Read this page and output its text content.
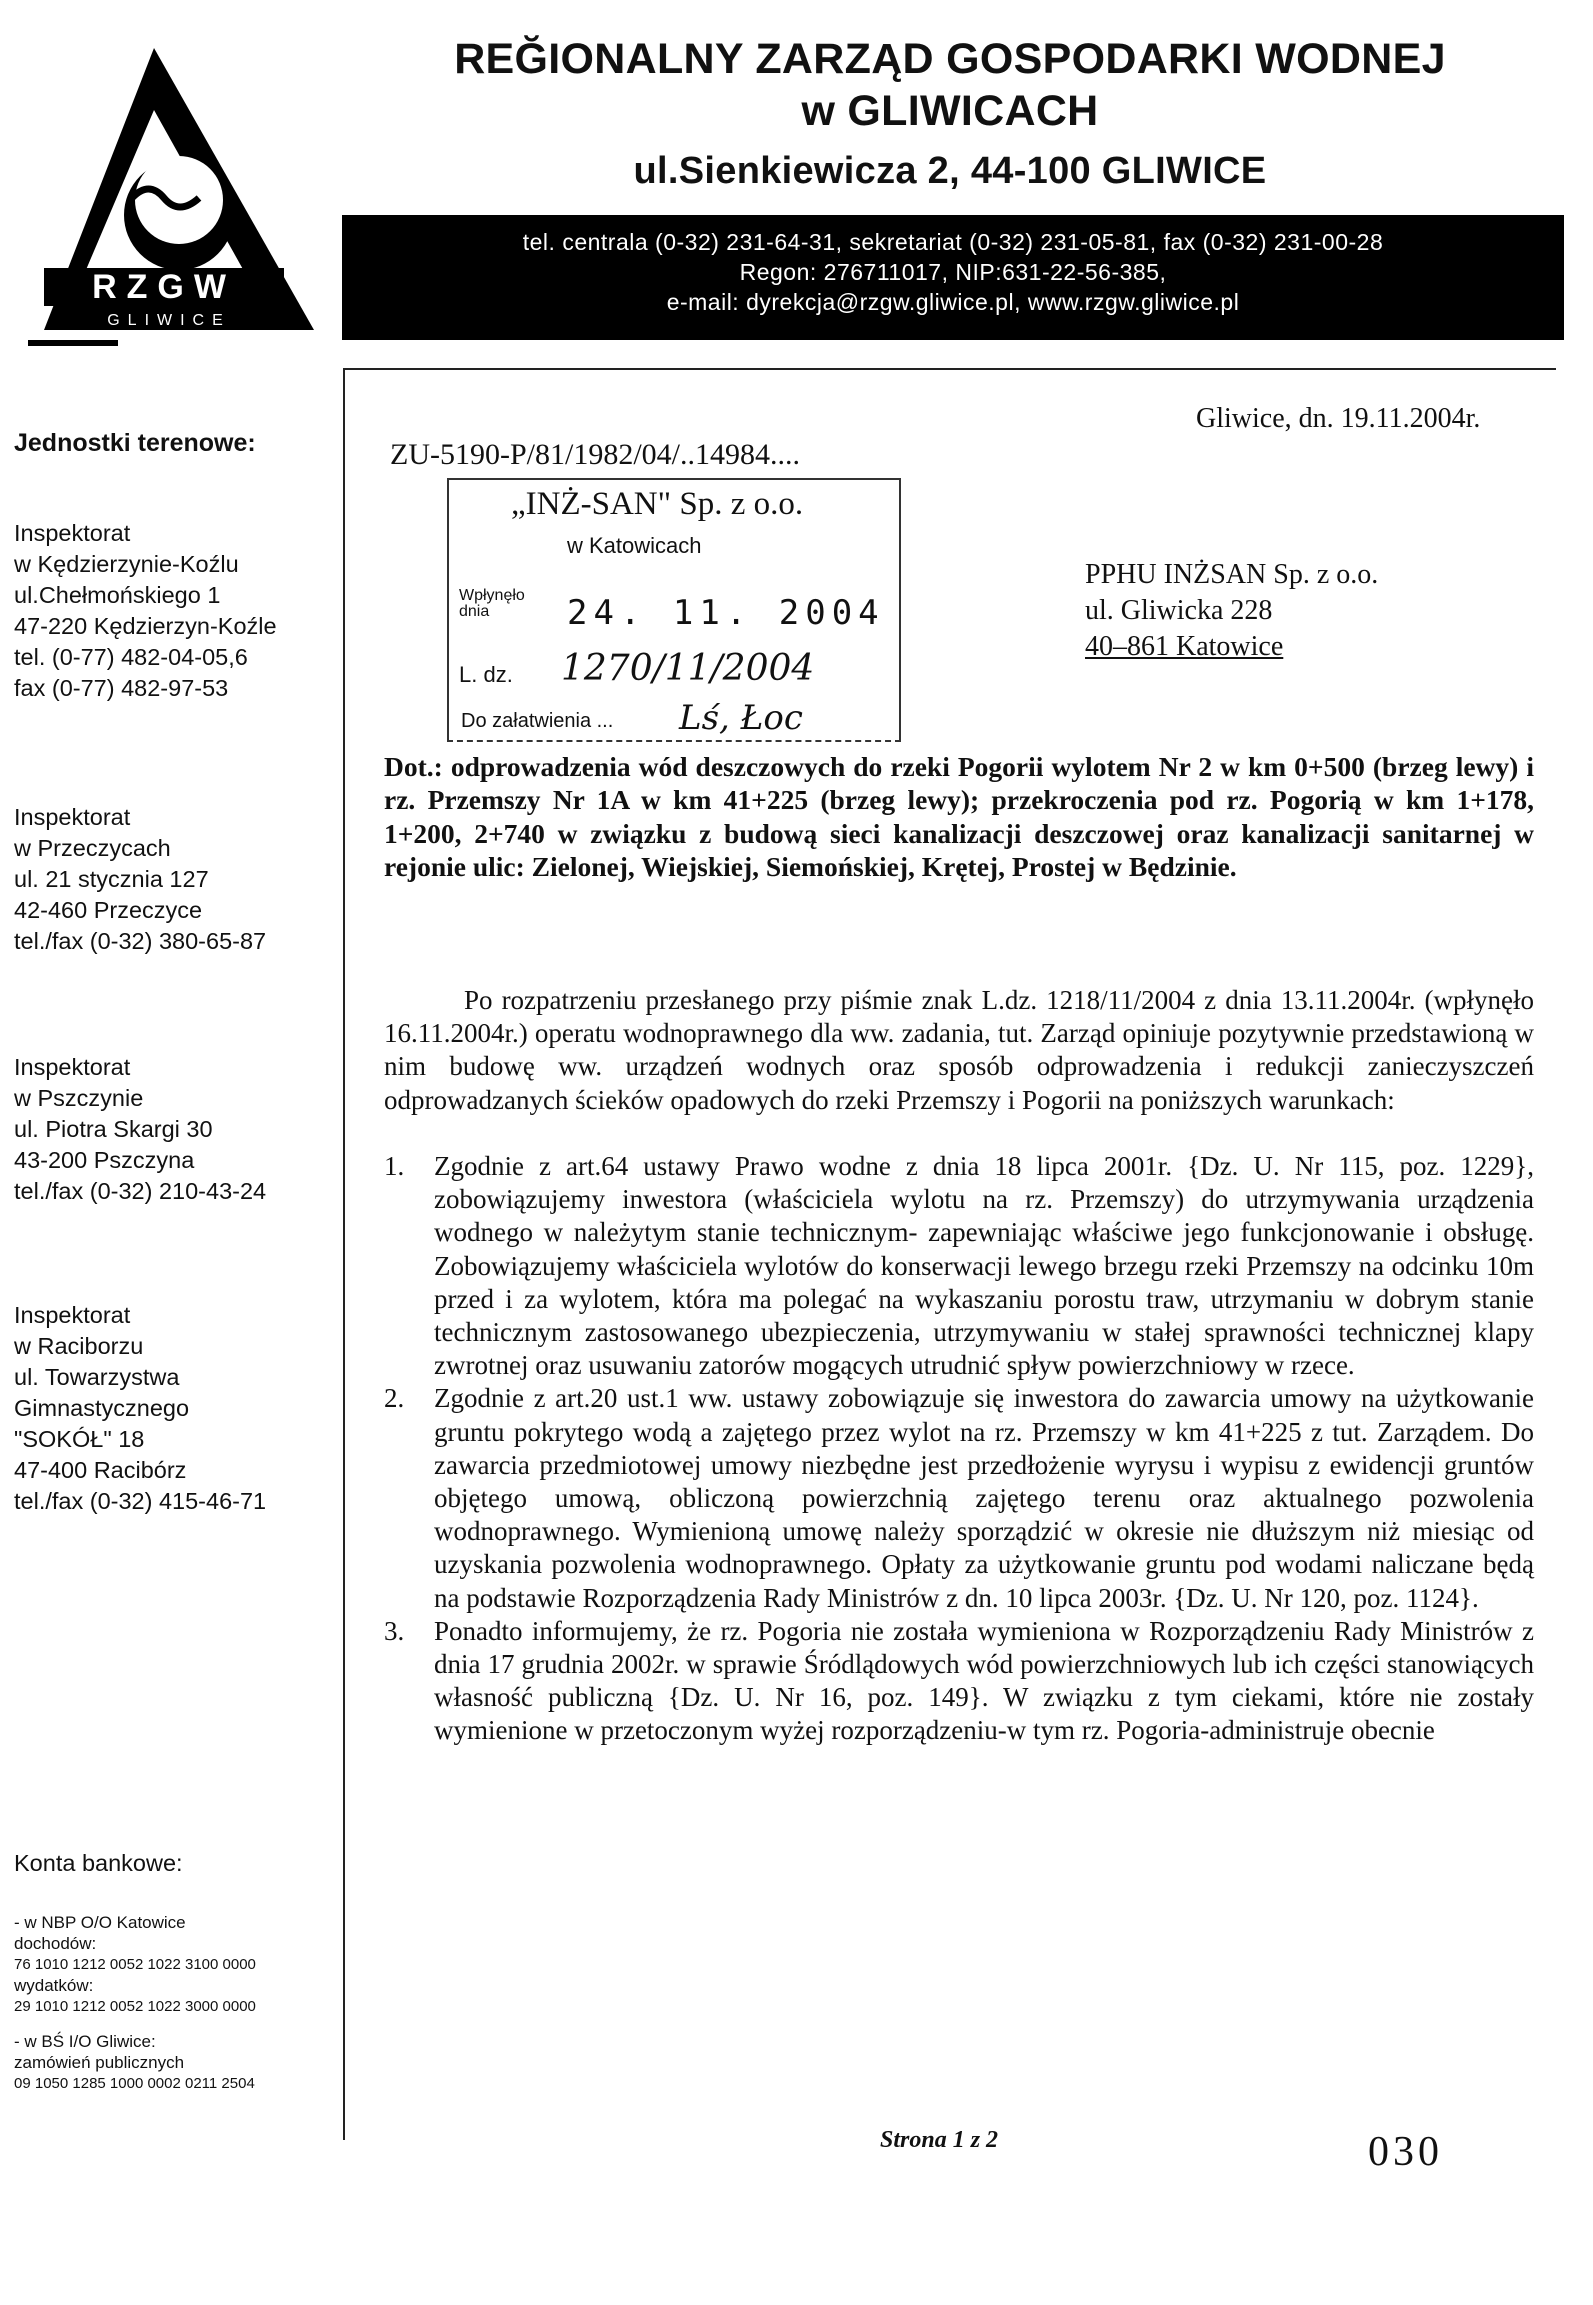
RZGW
GLIWICE
REĞIONALNY ZARZĄD GOSPODARKI WODNEJ
w GLIWICACH
ul.Sienkiewicza 2, 44-100 GLIWICE
tel. centrala (0-32) 231-64-31, sekretariat (0-32) 231-05-81, fax (0-32) 231-00-28
Regon: 276711017, NIP:631-22-56-385,
e-mail: dyrekcja@rzgw.gliwice.pl, www.rzgw.gliwice.pl
Jednostki terenowe:
Inspektorat
w Kędzierzynie-Koźlu
ul.Chełmońskiego 1
47-220 Kędzierzyn-Koźle
tel. (0-77) 482-04-05,6
fax (0-77) 482-97-53
Inspektorat
w Przeczycach
ul. 21 stycznia 127
42-460 Przeczyce
tel./fax (0-32) 380-65-87
Inspektorat
w Pszczynie
ul. Piotra Skargi 30
43-200 Pszczyna
tel./fax (0-32) 210-43-24
Inspektorat
w Raciborzu
ul. Towarzystwa
Gimnastycznego
"SOKÓŁ" 18
47-400 Racibórz
tel./fax (0-32) 415-46-71
Konta bankowe:
- w NBP O/O Katowice
dochodów:
76 1010 1212 0052 1022 3100 0000
wydatków:
29 1010 1212 0052 1022 3000 0000
- w BŚ I/O Gliwice:
zamówień publicznych
09 1050 1285 1000 0002 0211 2504
ZU-5190-P/81/1982/04/..14984....
Gliwice, dn. 19.11.2004r.
PPHU INŻSAN Sp. z o.o.
ul. Gliwicka 228
40–861 Katowice
„INŻ-SAN" Sp. z o.o.
w Katowicach
Wpłynęło dnia	24. 11. 2004
L. dz. 1270/11/2004
Do załatwienia ... Lś, Łoc
Dot.: odprowadzenia wód deszczowych do rzeki Pogorii wylotem Nr 2 w km 0+500 (brzeg lewy) i rz. Przemszy Nr 1A w km 41+225 (brzeg lewy); przekroczenia pod rz. Pogorią w km 1+178, 1+200, 2+740 w związku z budową sieci kanalizacji deszczowej oraz kanalizacji sanitarnej w rejonie ulic: Zielonej, Wiejskiej, Siemońskiej, Krętej, Prostej w Będzinie.
Po rozpatrzeniu przesłanego przy piśmie znak L.dz. 1218/11/2004 z dnia 13.11.2004r. (wpłynęło 16.11.2004r.) operatu wodnoprawnego dla ww. zadania, tut. Zarząd opiniuje pozytywnie przedstawioną w nim budowę ww. urządzeń wodnych oraz sposób odprowadzenia i redukcji zanieczyszczeń odprowadzanych ścieków opadowych do rzeki Przemszy i Pogorii na poniższych warunkach:
1. Zgodnie z art.64 ustawy Prawo wodne z dnia 18 lipca 2001r. {Dz. U. Nr 115, poz. 1229}, zobowiązujemy inwestora (właściciela wylotu na rz. Przemszy) do utrzymywania urządzenia wodnego w należytym stanie technicznym- zapewniając właściwe jego funkcjonowanie i obsługę. Zobowiązujemy właściciela wylotów do konserwacji lewego brzegu rzeki Przemszy na odcinku 10m przed i za wylotem, która ma polegać na wykaszaniu porostu traw, utrzymaniu w dobrym stanie technicznym zastosowanego ubezpieczenia, utrzymywaniu w stałej sprawności technicznej klapy zwrotnej oraz usuwaniu zatorów mogących utrudnić spływ powierzchniowy w rzece.
2. Zgodnie z art.20 ust.1 ww. ustawy zobowiązuje się inwestora do zawarcia umowy na użytkowanie gruntu pokrytego wodą a zajętego przez wylot na rz. Przemszy w km 41+225 z tut. Zarządem. Do zawarcia przedmiotowej umowy niezbędne jest przedłożenie wyrysu i wypisu z ewidencji gruntów objętego umową, obliczoną powierzchnią zajętego terenu oraz aktualnego pozwolenia wodnoprawnego. Wymienioną umowę należy sporządzić w okresie nie dłuższym niż miesiąc od uzyskania pozwolenia wodnoprawnego. Opłaty za użytkowanie gruntu pod wodami naliczane będą na podstawie Rozporządzenia Rady Ministrów z dn. 10 lipca 2003r. {Dz. U. Nr 120, poz. 1124}.
3. Ponadto informujemy, że rz. Pogoria nie została wymieniona w Rozporządzeniu Rady Ministrów z dnia 17 grudnia 2002r. w sprawie Śródlądowych wód powierzchniowych lub ich części stanowiących własność publiczną {Dz. U. Nr 16, poz. 149}. W związku z tym ciekami, które nie zostały wymienione w przetoczonym wyżej rozporządzeniu-w tym rz. Pogoria-administruje obecnie
Strona 1 z 2	030
